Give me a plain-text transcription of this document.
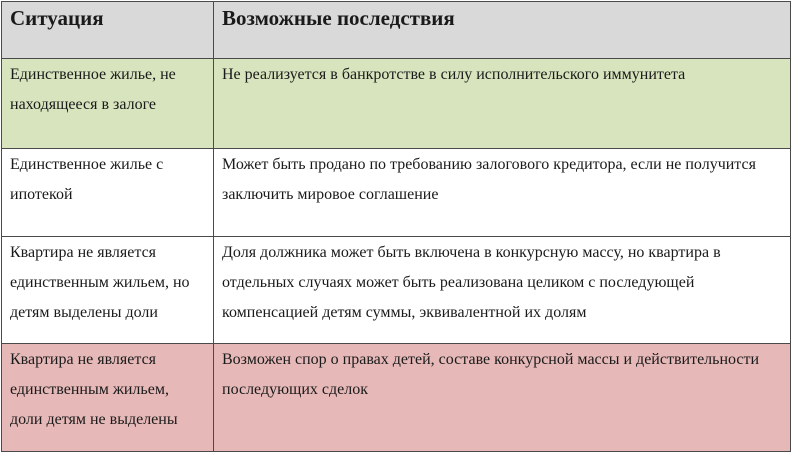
Ситуация	Возможные последствия
Единственное жилье, не находящееся в залоге	Не реализуется в банкротстве в силу исполнительского иммунитета
Единственное жилье с ипотекой	Может быть продано по требованию залогового кредитора, если не получится заключить мировое соглашение
Квартира не является единственным жильем, но детям выделены доли	Доля должника может быть включена в конкурсную массу, но квартира в отдельных случаях может быть реализована целиком с последующей компенсацией детям суммы, эквивалентной их долям
Квартира не является единственным жильем, доли детям не выделены	Возможен спор о правах детей, составе конкурсной массы и действительности последующих сделок
